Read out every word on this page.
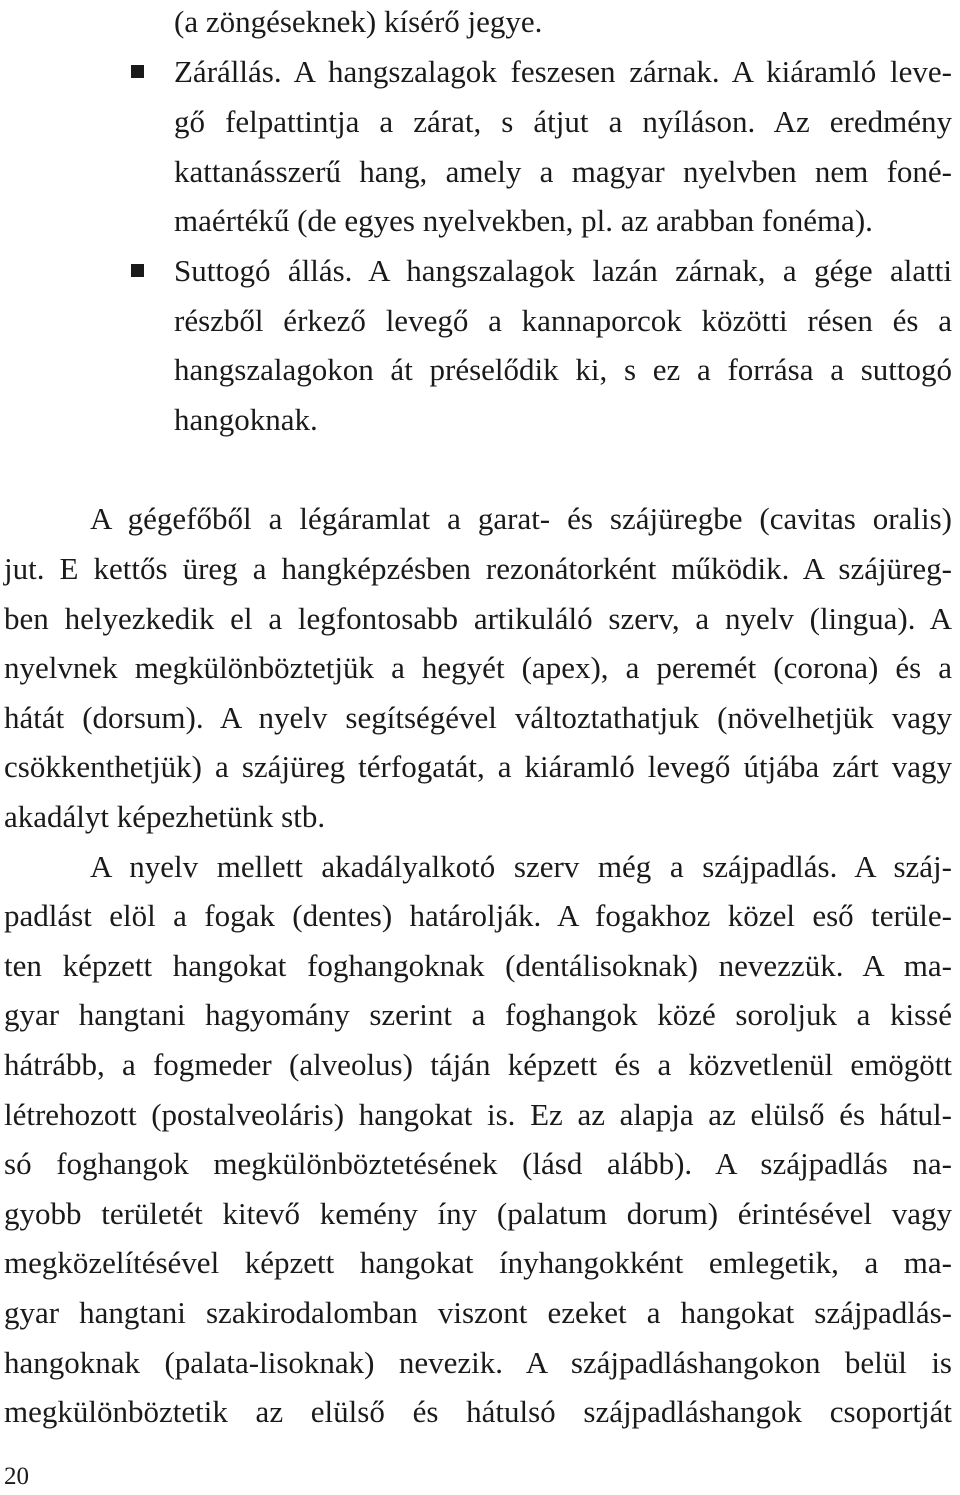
(a zöngéseknek) kísérő jegye.

Zárállás. A hangszalagok feszesen zárnak. A kiáramló leve-

gő felpattintja a zárat, s átjut a nyíláson. Az eredmény

kattanásszerű hang, amely a magyar nyelvben nem foné-

maértékű (de egyes nyelvekben, pl. az arabban fonéma).

Suttogó állás. A hangszalagok lazán zárnak, a gége alatti

részből érkező levegő a kannaporcok közötti résen és a

hangszalagokon át préselődik ki, s ez a forrása a suttogó

hangoknak.

A gégefőből a légáramlat a garat- és szájüregbe (cavitas oralis)

jut. E kettős üreg a hangképzésben rezonátorként működik. A szájüreg-

ben helyezkedik el a legfontosabb artikuláló szerv, a nyelv (lingua). A

nyelvnek megkülönböztetjük a hegyét (apex), a peremét (corona) és a

hátát (dorsum). A nyelv segítségével változtathatjuk (növelhetjük vagy

csökkenthetjük) a szájüreg térfogatát, a kiáramló levegő útjába zárt vagy

akadályt képezhetünk stb.

A nyelv mellett akadályalkotó szerv még a szájpadlás. A száj-

padlást elöl a fogak (dentes) határolják. A fogakhoz közel eső terüle-

ten képzett hangokat foghangoknak (dentálisoknak) nevezzük. A ma-

gyar hangtani hagyomány szerint a foghangok közé soroljuk a kissé

hátrább, a fogmeder (alveolus) táján képzett és a közvetlenül emögött

létrehozott (postalveoláris) hangokat is. Ez az alapja az elülső és hátul-

só foghangok megkülönböztetésének (lásd alább). A szájpadlás na-

gyobb területét kitevő kemény íny (palatum dorum) érintésével vagy

megközelítésével képzett hangokat ínyhangokként emlegetik, a ma-

gyar hangtani szakirodalomban viszont ezeket a hangokat szájpadlás-

hangoknak (palata-lisoknak) nevezik. A szájpadláshangokon belül is

megkülönböztetik az elülső és hátulsó szájpadláshangok csoportját

20
